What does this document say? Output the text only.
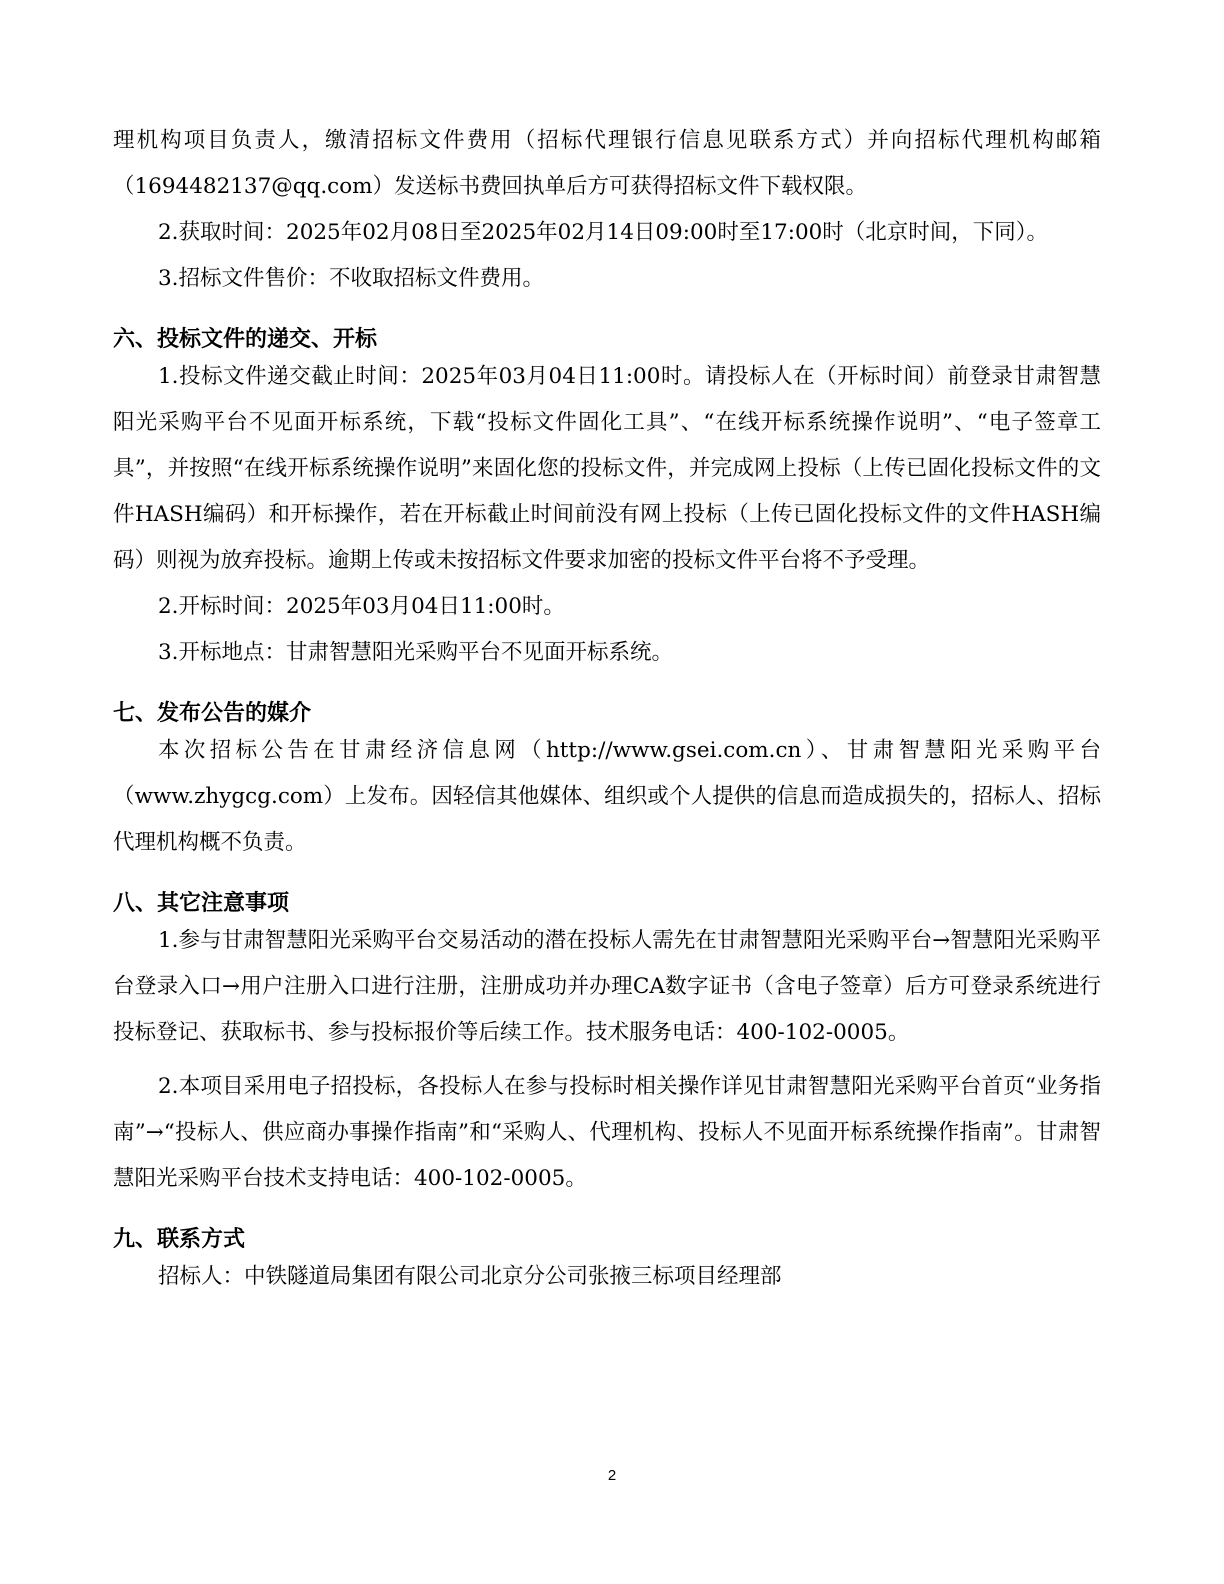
理机构项目负责人，缴清招标文件费用（招标代理银行信息见联系方式）并向招标代理机构邮箱（1694482137@qq.com）发送标书费回执单后方可获得招标文件下载权限。

2.获取时间：2025年02月08日至2025年02月14日09:00时至17:00时（北京时间，下同）。

3.招标文件售价：不收取招标文件费用。

六、投标文件的递交、开标

1.投标文件递交截止时间：2025年03月04日11:00时。请投标人在（开标时间）前登录甘肃智慧阳光采购平台不见面开标系统，下载“投标文件固化工具”、“在线开标系统操作说明”、“电子签章工具”，并按照“在线开标系统操作说明”来固化您的投标文件，并完成网上投标（上传已固化投标文件的文件HASH编码）和开标操作，若在开标截止时间前没有网上投标（上传已固化投标文件的文件HASH编码）则视为放弃投标。逾期上传或未按招标文件要求加密的投标文件平台将不予受理。

2.开标时间：2025年03月04日11:00时。

3.开标地点：甘肃智慧阳光采购平台不见面开标系统。

七、发布公告的媒介

本次招标公告在甘肃经济信息网（http://www.gsei.com.cn）、甘肃智慧阳光采购平台（www.zhygcg.com）上发布。因轻信其他媒体、组织或个人提供的信息而造成损失的，招标人、招标代理机构概不负责。

八、其它注意事项

1.参与甘肃智慧阳光采购平台交易活动的潜在投标人需先在甘肃智慧阳光采购平台→智慧阳光采购平台登录入口→用户注册入口进行注册，注册成功并办理CA数字证书（含电子签章）后方可登录系统进行投标登记、获取标书、参与投标报价等后续工作。技术服务电话：400-102-0005。

2.本项目采用电子招投标，各投标人在参与投标时相关操作详见甘肃智慧阳光采购平台首页“业务指南”→“投标人、供应商办事操作指南”和“采购人、代理机构、投标人不见面开标系统操作指南”。甘肃智慧阳光采购平台技术支持电话：400-102-0005。

九、联系方式

招标人：中铁隧道局集团有限公司北京分公司张掖三标项目经理部

2
